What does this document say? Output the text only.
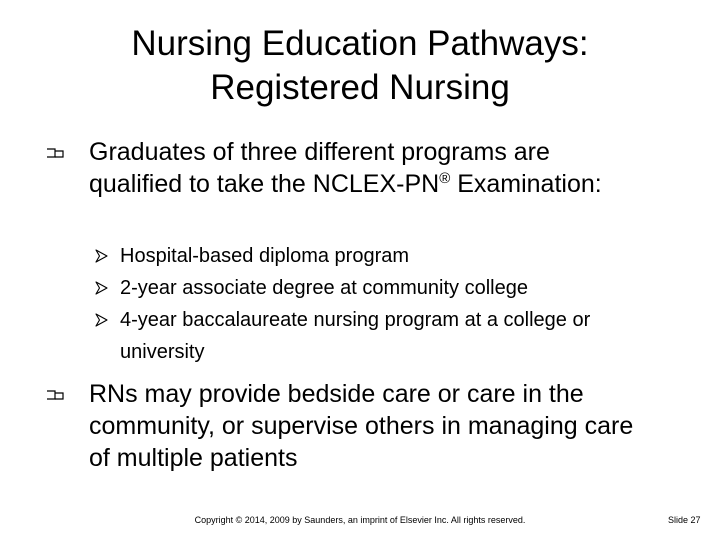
Nursing Education Pathways:
Registered Nursing
Graduates of three different programs are qualified to take the NCLEX-PN® Examination:
Hospital-based diploma program
2-year associate degree at community college
4-year baccalaureate nursing program at a college or university
RNs may provide bedside care or care in the community, or supervise others in managing care of multiple patients
Copyright © 2014, 2009 by Saunders, an imprint of Elsevier Inc. All rights reserved.	Slide 27
